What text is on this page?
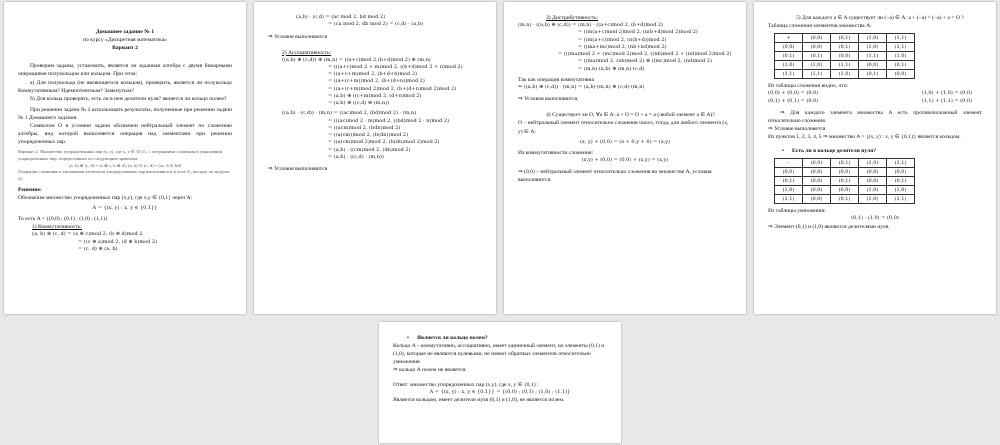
Домашнее задание № 1
по курсу «Дискретная математика»
Вариант 2
Проверим заданы, установить, является ли заданная алгебра с двумя бинарными операциями полукольцом или кольцом. При этом:
а) Для полукольца (не являющегося кольцом), проверить, является ли полукольцо Коммутативным? Идемпотентным? Замкнутым?
б) Для кольца проверить, есть ли в нем делители нуля? является ли кольцо полем?
При решении задачи № 2 использовать результаты, полученные при решении задачи № 1 Домашнего задания.
Символом О в условии задачи обозначен нейтральный элемент по сложению алгебры, вид которой выполняется операция над элементами при решении упорядоченных пар.
Вариант 2. Множество упорядоченных пар (x, y), где x, y ∈ {0,1}, с операциями сложения и умножения упорядоченных пар, определенных по следующим правилам:
(a, b) ⊕ (c, d) = (a ⊕ c, b ⊕ d); (a, b) ⊙ (c, d) = (ac, b ⊙ bd)
Операции сложения и умножения элементов упорядоченных пар выполняются в поле Z₂ (кольце по модулю 2).
Решение:
Обозначим множество упорядоченных пар (x,y), где x,y ∈ {0,1} через A:
A = {(x, y) : x, y ∈ {0,1}}
То есть A = {(0,0) ; (0,1) ; (1,0) ; (1,1)}
1) Коммутативность:
(a, b) ⊕ (c, d) = (a ⊕ c)mod 2, (b ⊕ d)mod 2
= ((c ⊕ a)mod 2, (d ⊕ b)mod 2)
= (c, d) ⊕ (a, b)
(a,b) · (c,d) = (ac mod 2, bd mod 2)
= (ca mod 2, db mod 2) = (c,d) · (a,b)
⇒ Условия выполняются
2) Ассоциативность:
((a,b) ⊕ (c,d)) ⊕ (m,n) = ((a+c)mod 2,(b+d)mod 2) ⊕ (m,n)
= (((a+c)mod 2 + m)mod 2, ((b+d)mod 2 + n)mod 2)
= ((a+c+m)mod 2, (b+d+n)mod 2)
= ((a+(c+m))mod 2, (b+(d+n))mod 2)
= ((a+(c+m)mod 2)mod 2, (b+(d+n)mod 2)mod 2)
= (a,b) ⊕ ((c+m)mod 2, (d+n)mod 2)
= (a,b) ⊕ ((c,d) ⊕ (m,n))
((a,b) · (c,d)) · (m,n) = ((ac)mod 2, (bd)mod 2) · (m,n)
= (((ac)mod 2 · m)mod 2, ((bd)mod 2 · n)mod 2)
= ((acm)mod 2, (bdn)mod 2)
= ((a(cm))mod 2, (b(dn))mod 2)
= ((a(cm)mod 2)mod 2, (b(dn)mod 2)mod 2)
= (a,b) · ((cm)mod 2, (dn)mod 2)
= (a,b) · ((c,d) · (m,n))
⇒ Условия выполняются
3) Дистрибутивность:
(m,n) · ((a,b) ⊕ (c,d)) = (m,n) · ((a+c)mod 2, (b+d)mod 2)
= ((m(a+c)mod 2)mod 2, (n(b+d)mod 2)mod 2)
= ((m(a+c))mod 2, (n(b+d))mod 2)
= ((ma+mc)mod 2, (nb+nd)mod 2)
= (((ma)mod 2 + (mc)mod 2)mod 2, ((nb)mod 2 + (nd)mod 2)mod 2)
= ((ma)mod 2, (nb)mod 2) ⊕ ((mc)mod 2, (nd)mod 2)
= (m,n)·(a,b) ⊕ (m,n)·(c,d)
Так как операция коммутативна
⇒ ((a,b) ⊕ (c,d)) · (m,n) = (a,b)·(m,n) ⊕ (c,d)·(m,n)
⇒ Условия выполняются
4) Существует ли O, ∀a ∈ A: a + O = O + a = a (любой элемент a ∈ A)?
O – нейтральный элемент относительно сложения чисел, тогда, для любого элемента (x, y) ∈ A:
(x, y) + (0,0) = (x + 0,y + 0) = (x,y)
Из коммутативности сложения:
(x,y) + (0,0) = (0,0) + (x,y) = (x,y)
⇒ (0,0) – нейтральный элемент относительно сложения во множестве A, условия выполняются.
5) Для каждого a ∈ A существует ли (−a) ∈ A: a + (−a) = (−a) + a = O ?
Таблица сложения элементов множества A:
+	(0,0)	(0,1)	(1,0)	(1,1)
(0,0)	(0,0)	(0,1)	(1,0)	(1,1)
(0,1)	(0,1)	(0,0)	(1,1)	(1,0)
(1,0)	(1,0)	(1,1)	(0,0)	(0,1)
(1,1)	(1,1)	(1,0)	(0,1)	(0,0)
Из таблицы сложения видно, что:
(0,0) + (0,0) = (0,0)	(1,0) + (1,0) = (0,0)
(0,1) + (0,1) = (0,0)	(1,1) + (1,1) = (0,0)
⇒ Для каждого элемента множества A есть противоположный элемент относительно сложения.
⇒ Условие выполняется
Из пунктов 1, 2, 3, 4, 5 ⇒ множество A = {(x, y) : x, y ∈ {0,1}} является кольцом.
• Есть ли в кольце делители нуля?
·	(0,0)	(0,1)	(1,0)	(1,1)
(0,0)	(0,0)	(0,0)	(0,0)	(0,0)
(0,1)	(0,0)	(0,1)	(0,0)	(0,1)
(1,0)	(0,0)	(0,0)	(1,0)	(1,0)
(1,1)	(0,0)	(0,1)	(1,0)	(1,1)
Из таблицы умножения:
(0,1) · (1,0) = (0,0)
⇒ Элемент (0,1) и (1,0) являются делителями нуля.
• Является ли кольцо полем?
Кольцо A – коммутативно, ассоциативно, имеет единичный элемент, но элементы (0,1) и (1,0), которые не являются нулевыми, не имеют обратных элементов относительно умножения
⇒ кольцо A полем не является.
Ответ: множество упорядоченных пар (x,y), где x, y ∈ {0,1}:
A = {(x, y) : x, y ∈ {0,1}} = {(0,0) ; (0,1) ; (1,0) ; (1,1)}
Является кольцом, имеет делители нуля (0,1) и (1,0), не является полем.
